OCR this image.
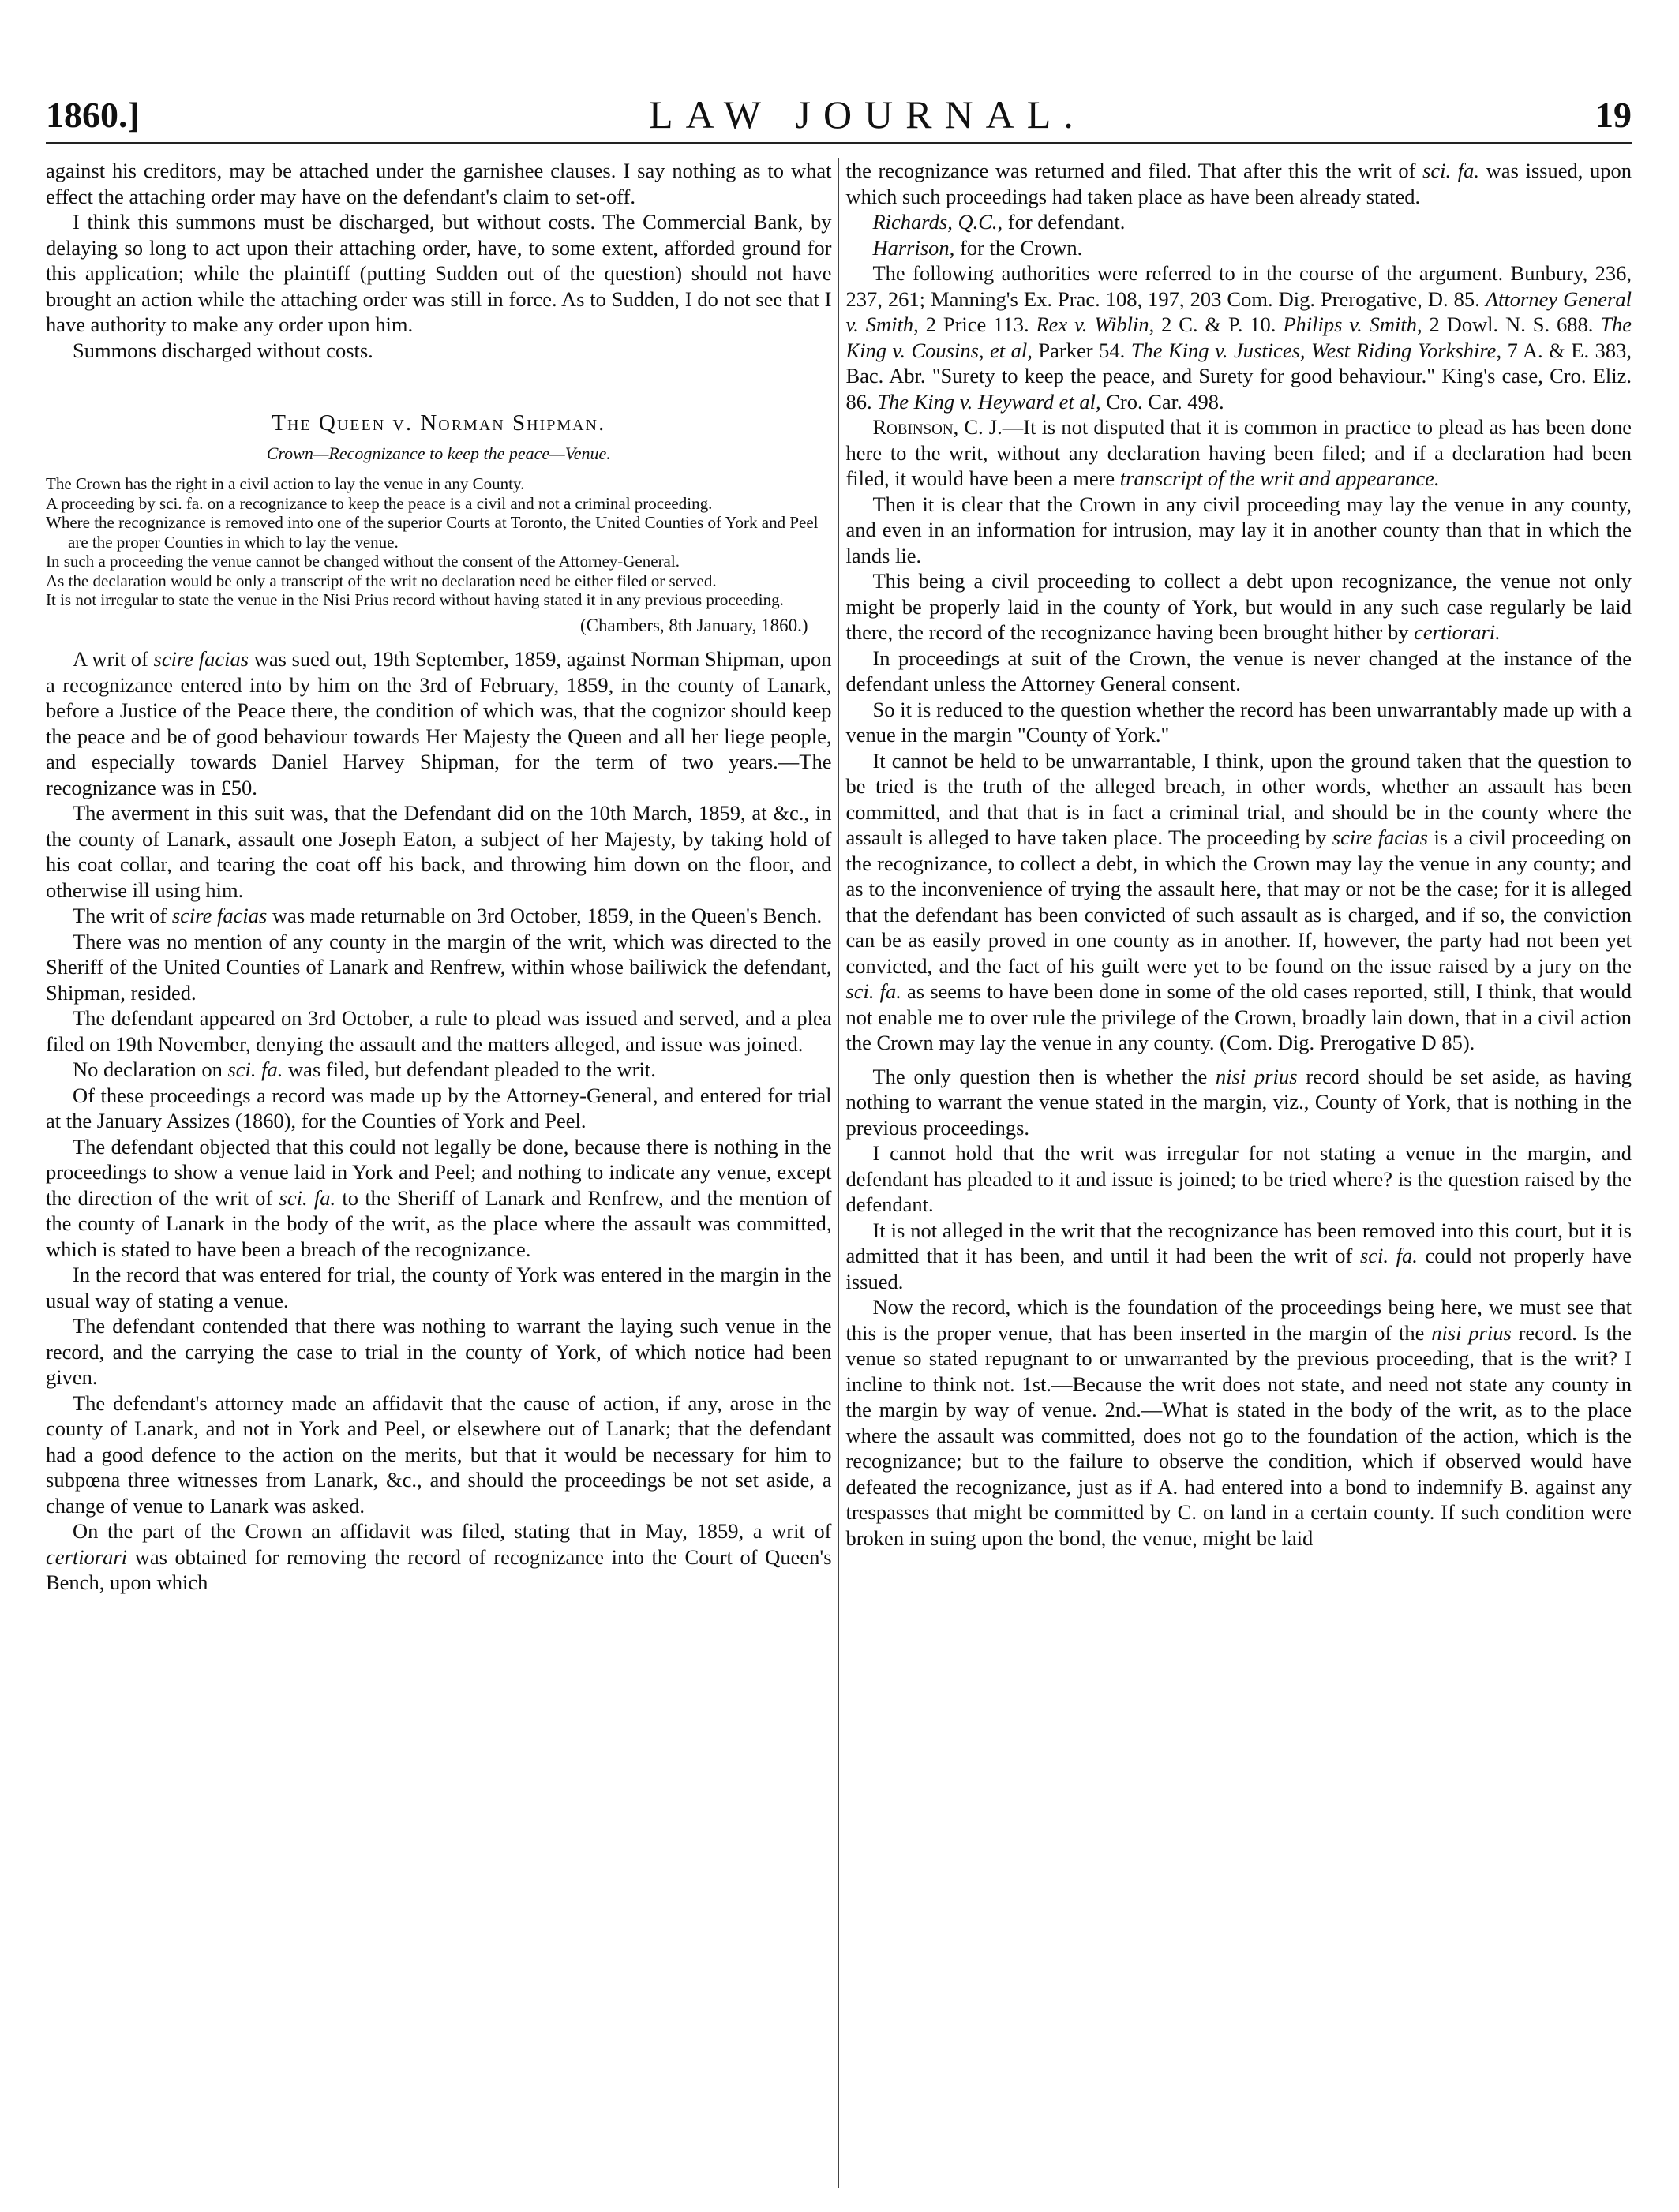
1860.]	LAW JOURNAL.	19

against his creditors, may be attached under the garnishee clauses. I say nothing as to what effect the attaching order may have on the defendant's claim to set-off.

I think this summons must be discharged, but without costs. The Commercial Bank, by delaying so long to act upon their attaching order, have, to some extent, afforded ground for this application; while the plaintiff (putting Sudden out of the question) should not have brought an action while the attaching order was still in force. As to Sudden, I do not see that I have authority to make any order upon him.

Summons discharged without costs.

The Queen v. Norman Shipman.
Crown—Recognizance to keep the peace—Venue.
The Crown has the right in a civil action to lay the venue in any County.
A proceeding by sci. fa. on a recognizance to keep the peace is a civil and not a criminal proceeding.
Where the recognizance is removed into one of the superior Courts at Toronto, the United Counties of York and Peel are the proper Counties in which to lay the venue.
In such a proceeding the venue cannot be changed without the consent of the Attorney-General.
As the declaration would be only a transcript of the writ no declaration need be either filed or served.
It is not irregular to state the venue in the Nisi Prius record without having stated it in any previous proceeding.

(Chambers, 8th January, 1860.)

A writ of scire facias was sued out, 19th September, 1859, against Norman Shipman, upon a recognizance entered into by him on the 3rd of February, 1859, in the county of Lanark, before a Justice of the Peace there, the condition of which was, that the cognizor should keep the peace and be of good behaviour towards Her Majesty the Queen and all her liege people, and especially towards Daniel Harvey Shipman, for the term of two years.—The recognizance was in £50.

The averment in this suit was, that the Defendant did on the 10th March, 1859, at &c., in the county of Lanark, assault one Joseph Eaton, a subject of her Majesty, by taking hold of his coat collar, and tearing the coat off his back, and throwing him down on the floor, and otherwise ill using him.

The writ of scire facias was made returnable on 3rd October, 1859, in the Queen's Bench.

There was no mention of any county in the margin of the writ, which was directed to the Sheriff of the United Counties of Lanark and Renfrew, within whose bailiwick the defendant, Shipman, resided.

The defendant appeared on 3rd October, a rule to plead was issued and served, and a plea filed on 19th November, denying the assault and the matters alleged, and issue was joined.

No declaration on sci. fa. was filed, but defendant pleaded to the writ.

Of these proceedings a record was made up by the Attorney-General, and entered for trial at the January Assizes (1860), for the Counties of York and Peel.

The defendant objected that this could not legally be done, because there is nothing in the proceedings to show a venue laid in York and Peel; and nothing to indicate any venue, except the direction of the writ of sci. fa. to the Sheriff of Lanark and Renfrew, and the mention of the county of Lanark in the body of the writ, as the place where the assault was committed, which is stated to have been a breach of the recognizance.

In the record that was entered for trial, the county of York was entered in the margin in the usual way of stating a venue.

The defendant contended that there was nothing to warrant the laying such venue in the record, and the carrying the case to trial in the county of York, of which notice had been given.

The defendant's attorney made an affidavit that the cause of action, if any, arose in the county of Lanark, and not in York and Peel, or elsewhere out of Lanark; that the defendant had a good defence to the action on the merits, but that it would be necessary for him to subpœna three witnesses from Lanark, &c., and should the proceedings be not set aside, a change of venue to Lanark was asked.

On the part of the Crown an affidavit was filed, stating that in May, 1859, a writ of certiorari was obtained for removing the record of recognizance into the Court of Queen's Bench, upon which

the recognizance was returned and filed. That after this the writ of sci. fa. was issued, upon which such proceedings had taken place as have been already stated.

Richards, Q.C., for defendant.

Harrison, for the Crown.

The following authorities were referred to in the course of the argument. Bunbury, 236, 237, 261; Manning's Ex. Prac. 108, 197, 203 Com. Dig. Prerogative, D. 85. Attorney General v. Smith, 2 Price 113. Rex v. Wiblin, 2 C. & P. 10. Philips v. Smith, 2 Dowl. N. S. 688. The King v. Cousins, et al, Parker 54. The King v. Justices, West Riding Yorkshire, 7 A. & E. 383, Bac. Abr. "Surety to keep the peace, and Surety for good behaviour." King's case, Cro. Eliz. 86. The King v. Heyward et al, Cro. Car. 498.

Robinson, C. J.—It is not disputed that it is common in practice to plead as has been done here to the writ, without any declaration having been filed; and if a declaration had been filed, it would have been a mere transcript of the writ and appearance.

Then it is clear that the Crown in any civil proceeding may lay the venue in any county, and even in an information for intrusion, may lay it in another county than that in which the lands lie.

This being a civil proceeding to collect a debt upon recognizance, the venue not only might be properly laid in the county of York, but would in any such case regularly be laid there, the record of the recognizance having been brought hither by certiorari.

In proceedings at suit of the Crown, the venue is never changed at the instance of the defendant unless the Attorney General consent.

So it is reduced to the question whether the record has been unwarrantably made up with a venue in the margin "County of York."

It cannot be held to be unwarrantable, I think, upon the ground taken that the question to be tried is the truth of the alleged breach, in other words, whether an assault has been committed, and that that is in fact a criminal trial, and should be in the county where the assault is alleged to have taken place. The proceeding by scire facias is a civil proceeding on the recognizance, to collect a debt, in which the Crown may lay the venue in any county; and as to the inconvenience of trying the assault here, that may or not be the case; for it is alleged that the defendant has been convicted of such assault as is charged, and if so, the conviction can be as easily proved in one county as in another. If, however, the party had not been yet convicted, and the fact of his guilt were yet to be found on the issue raised by a jury on the sci. fa. as seems to have been done in some of the old cases reported, still, I think, that would not enable me to over rule the privilege of the Crown, broadly lain down, that in a civil action the Crown may lay the venue in any county. (Com. Dig. Prerogative D 85).

The only question then is whether the nisi prius record should be set aside, as having nothing to warrant the venue stated in the margin, viz., County of York, that is nothing in the previous proceedings.

I cannot hold that the writ was irregular for not stating a venue in the margin, and defendant has pleaded to it and issue is joined; to be tried where? is the question raised by the defendant.

It is not alleged in the writ that the recognizance has been removed into this court, but it is admitted that it has been, and until it had been the writ of sci. fa. could not properly have issued.

Now the record, which is the foundation of the proceedings being here, we must see that this is the proper venue, that has been inserted in the margin of the nisi prius record. Is the venue so stated repugnant to or unwarranted by the previous proceeding, that is the writ? I incline to think not. 1st.—Because the writ does not state, and need not state any county in the margin by way of venue. 2nd.—What is stated in the body of the writ, as to the place where the assault was committed, does not go to the foundation of the action, which is the recognizance; but to the failure to observe the condition, which if observed would have defeated the recognizance, just as if A. had entered into a bond to indemnify B. against any trespasses that might be committed by C. on land in a certain county. If such condition were broken in suing upon the bond, the venue, might be laid
